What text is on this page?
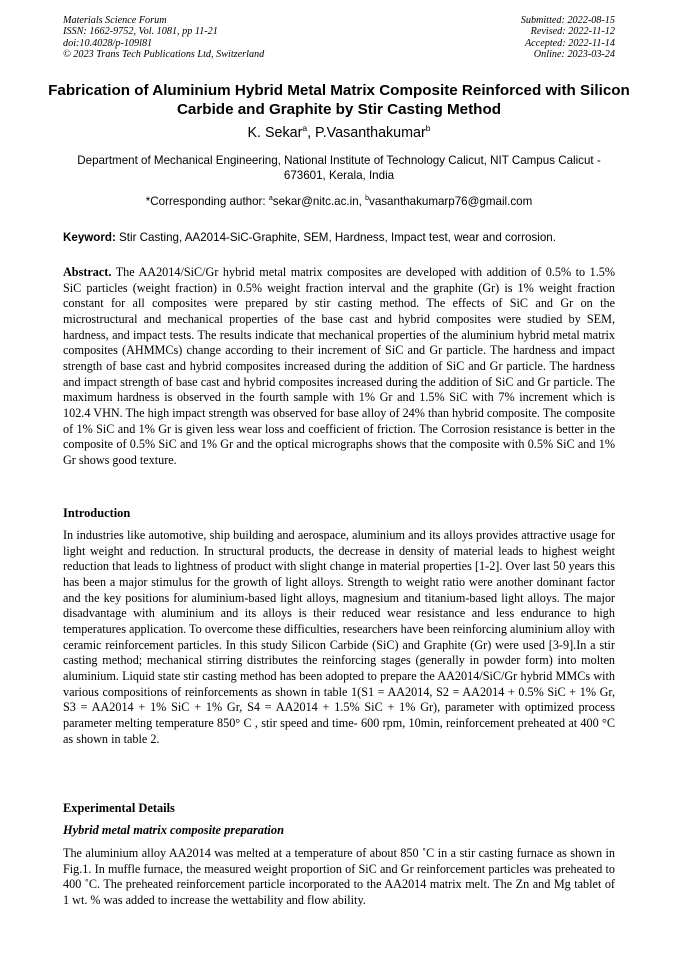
Materials Science Forum
ISSN: 1662-9752, Vol. 1081, pp 11-21
doi:10.4028/p-109l81
© 2023 Trans Tech Publications Ltd, Switzerland
Submitted: 2022-08-15
Revised: 2022-11-12
Accepted: 2022-11-14
Online: 2023-03-24
Fabrication of Aluminium Hybrid Metal Matrix Composite Reinforced with Silicon Carbide and Graphite by Stir Casting Method
K. Sekar$^a$, P.Vasanthakumar$^b$
Department of Mechanical Engineering, National Institute of Technology Calicut, NIT Campus Calicut - 673601, Kerala, India
*Corresponding author: $^a$sekar@nitc.ac.in, $^b$vasanthakumarp76@gmail.com
Keyword: Stir Casting, AA2014-SiC-Graphite, SEM, Hardness, Impact test, wear and corrosion.
Abstract. The AA2014/SiC/Gr hybrid metal matrix composites are developed with addition of 0.5% to 1.5% SiC particles (weight fraction) in 0.5% weight fraction interval and the graphite (Gr) is 1% weight fraction constant for all composites were prepared by stir casting method. The effects of SiC and Gr on the microstructural and mechanical properties of the base cast and hybrid composites were studied by SEM, hardness, and impact tests. The results indicate that mechanical properties of the aluminium hybrid metal matrix composites (AHMMCs) change according to their increment of SiC and Gr particle. The hardness and impact strength of base cast and hybrid composites increased during the addition of SiC and Gr particle. The hardness and impact strength of base cast and hybrid composites increased during the addition of SiC and Gr particle. The maximum hardness is observed in the fourth sample with 1% Gr and 1.5% SiC with 7% increment which is 102.4 VHN. The high impact strength was observed for base alloy of 24% than hybrid composite. The composite of 1% SiC and 1% Gr is given less wear loss and coefficient of friction. The Corrosion resistance is better in the composite of 0.5% SiC and 1% Gr and the optical micrographs shows that the composite with 0.5% SiC and 1% Gr shows good texture.
Introduction
In industries like automotive, ship building and aerospace, aluminium and its alloys provides attractive usage for light weight and reduction. In structural products, the decrease in density of material leads to highest weight reduction that leads to lightness of product with slight change in material properties [1-2]. Over last 50 years this has been a major stimulus for the growth of light alloys. Strength to weight ratio were another dominant factor and the key positions for aluminium-based light alloys, magnesium and titanium-based light alloys. The major disadvantage with aluminium and its alloys is their reduced wear resistance and less endurance to high temperatures application. To overcome these difficulties, researchers have been reinforcing aluminium alloy with ceramic reinforcement particles. In this study Silicon Carbide (SiC) and Graphite (Gr) were used [3-9].In a stir casting method; mechanical stirring distributes the reinforcing stages (generally in powder form) into molten aluminium. Liquid state stir casting method has been adopted to prepare the AA2014/SiC/Gr hybrid MMCs with various compositions of reinforcements as shown in table 1(S1 = AA2014, S2 = AA2014 + 0.5% SiC + 1% Gr, S3 = AA2014 + 1% SiC + 1% Gr, S4 = AA2014 + 1.5% SiC + 1% Gr), parameter with optimized process parameter melting temperature 850° C , stir speed and time- 600 rpm, 10min, reinforcement preheated at 400 °C as shown in table 2.
Experimental Details
Hybrid metal matrix composite preparation
The aluminium alloy AA2014 was melted at a temperature of about 850 ˚C in a stir casting furnace as shown in Fig.1. In muffle furnace, the measured weight proportion of SiC and Gr reinforcement particles was preheated to 400 ˚C. The preheated reinforcement particle incorporated to the AA2014 matrix melt. The Zn and Mg tablet of 1 wt. % was added to increase the wettability and flow ability.
